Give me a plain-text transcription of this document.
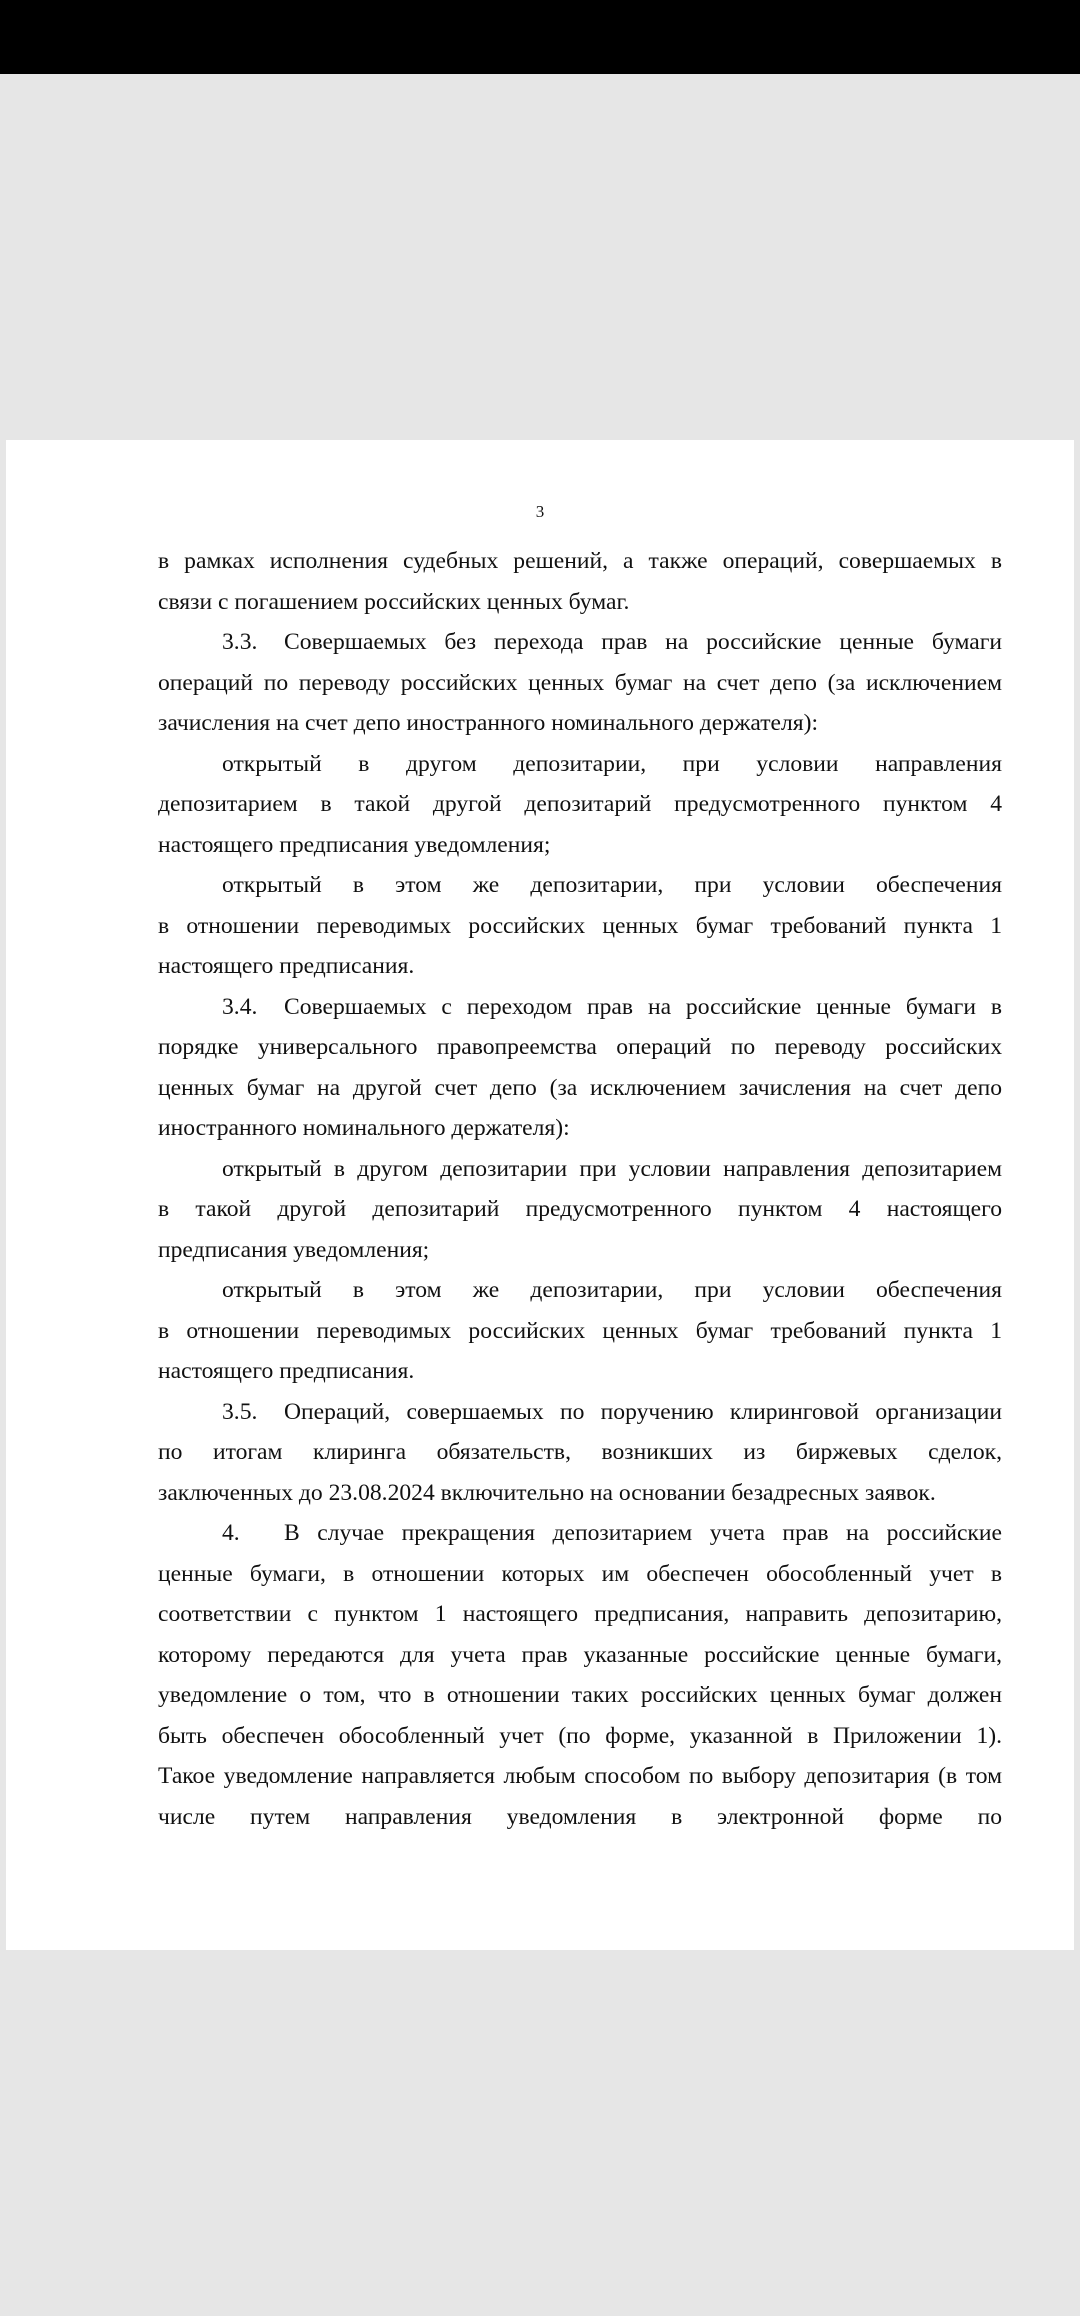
3
в рамках исполнения судебных решений, а также операций, совершаемых в
связи с погашением российских ценных бумаг.
3.3. Совершаемых без перехода прав на российские ценные бумаги
операций по переводу российских ценных бумаг на счет депо (за исключением
зачисления на счет депо иностранного номинального держателя):
открытый в другом депозитарии, при условии направления
депозитарием в такой другой депозитарий предусмотренного пунктом 4
настоящего предписания уведомления;
открытый в этом же депозитарии, при условии обеспечения
в отношении переводимых российских ценных бумаг требований пункта 1
настоящего предписания.
3.4. Совершаемых с переходом прав на российские ценные бумаги в
порядке универсального правопреемства операций по переводу российских
ценных бумаг на другой счет депо (за исключением зачисления на счет депо
иностранного номинального держателя):
открытый в другом депозитарии при условии направления депозитарием
в такой другой депозитарий предусмотренного пунктом 4 настоящего
предписания уведомления;
открытый в этом же депозитарии, при условии обеспечения
в отношении переводимых российских ценных бумаг требований пункта 1
настоящего предписания.
3.5. Операций, совершаемых по поручению клиринговой организации
по итогам клиринга обязательств, возникших из биржевых сделок,
заключенных до 23.08.2024 включительно на основании безадресных заявок.
4. В случае прекращения депозитарием учета прав на российские
ценные бумаги, в отношении которых им обеспечен обособленный учет в
соответствии с пунктом 1 настоящего предписания, направить депозитарию,
которому передаются для учета прав указанные российские ценные бумаги,
уведомление о том, что в отношении таких российских ценных бумаг должен
быть обеспечен обособленный учет (по форме, указанной в Приложении 1).
Такое уведомление направляется любым способом по выбору депозитария (в том
числе путем направления уведомления в электронной форме по
